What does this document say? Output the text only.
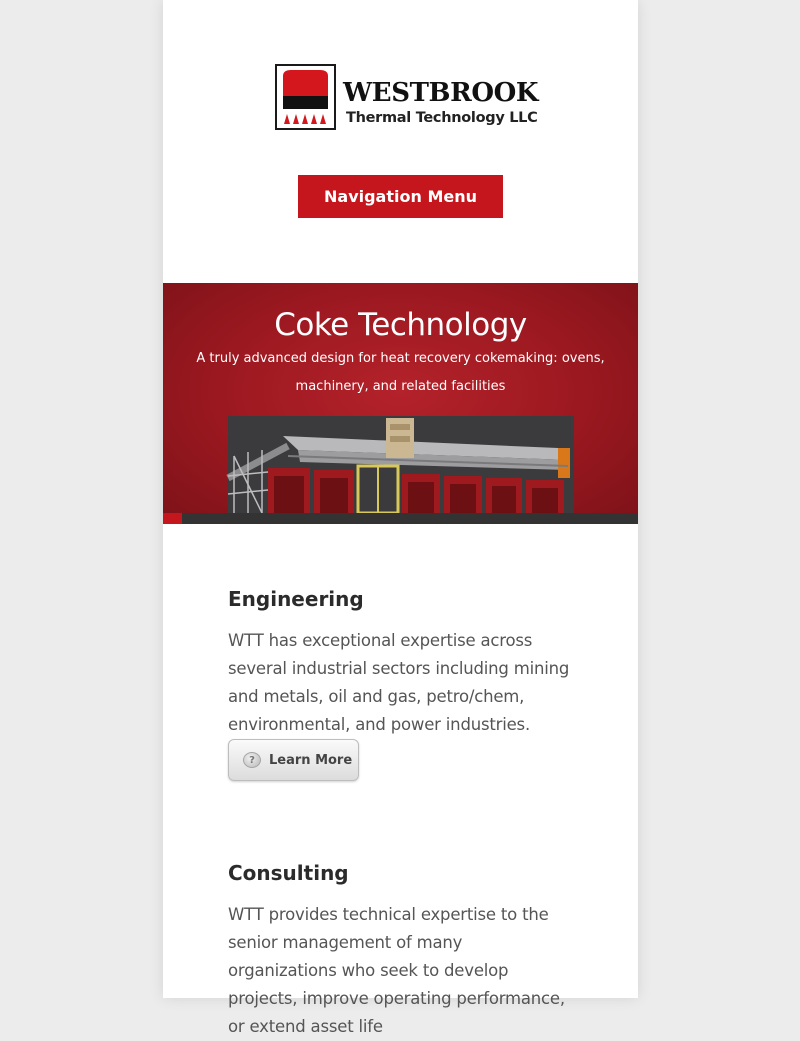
WESTBROOK
Thermal Technology LLC
Navigation Menu
Coke Technology
A truly advanced design for heat recovery cokemaking: ovens, machinery, and related facilities
Engineering

WTT has exceptional expertise across several industrial sectors including mining and metals, oil and gas, petro/chem, environmental, and power industries.

?	Learn More
Consulting

WTT provides technical expertise to the senior management of many organizations who seek to develop projects, improve operating performance, or extend asset life
